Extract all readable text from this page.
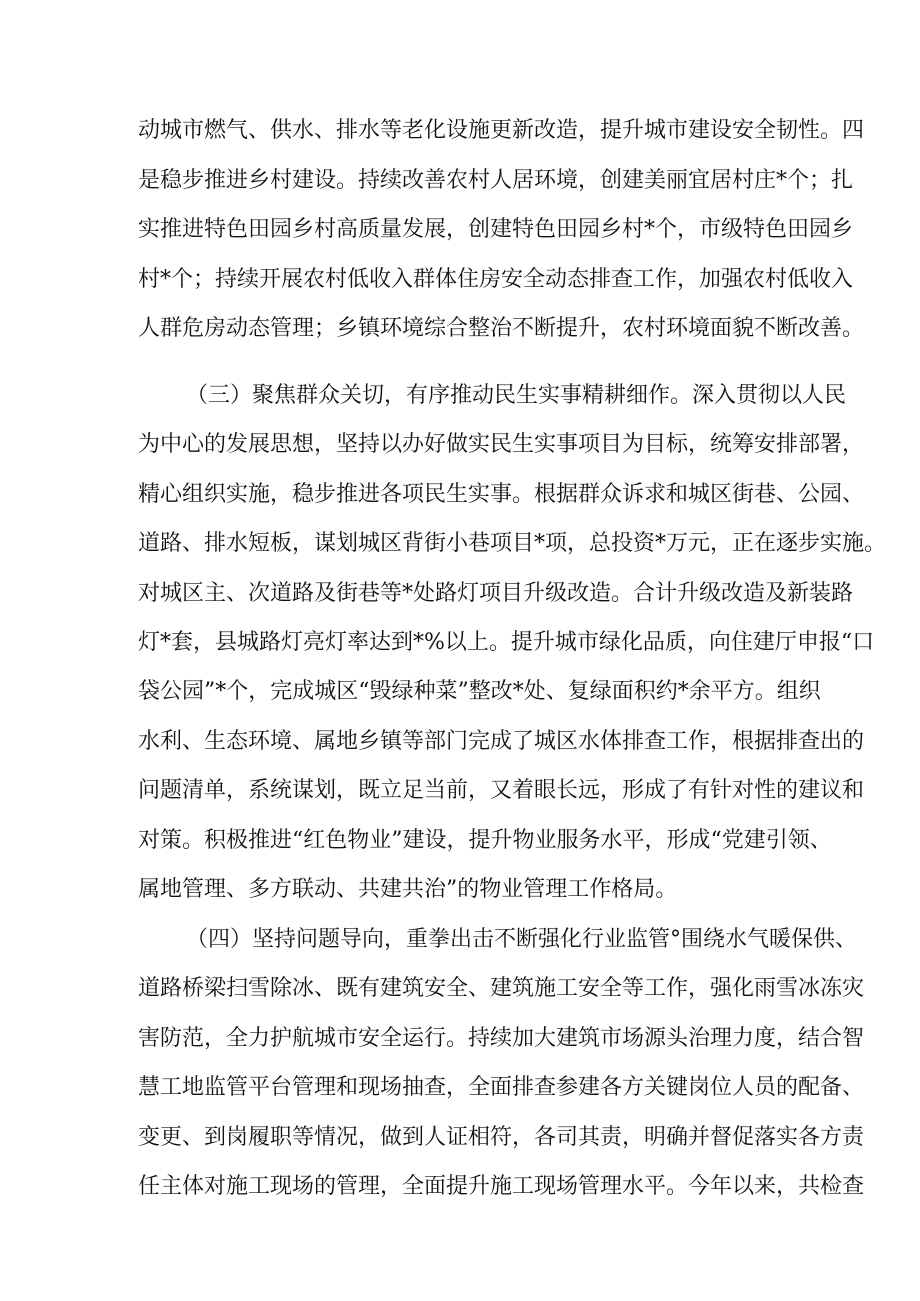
动城市燃气、供水、排水等老化设施更新改造，提升城市建设安全韧性。四
是稳步推进乡村建设。持续改善农村人居环境，创建美丽宜居村庄*个；扎
实推进特色田园乡村高质量发展，创建特色田园乡村*个，市级特色田园乡
村*个；持续开展农村低收入群体住房安全动态排查工作，加强农村低收入
人群危房动态管理；乡镇环境综合整治不断提升，农村环境面貌不断改善。
（三）聚焦群众关切，有序推动民生实事精耕细作。深入贯彻以人民
为中心的发展思想，坚持以办好做实民生实事项目为目标，统筹安排部署，
精心组织实施，稳步推进各项民生实事。根据群众诉求和城区街巷、公园、
道路、排水短板，谋划城区背街小巷项目*项，总投资*万元，正在逐步实施。
对城区主、次道路及街巷等*处路灯项目升级改造。合计升级改造及新装路
灯*套，县城路灯亮灯率达到*%以上。提升城市绿化品质，向住建厅申报“口
袋公园”*个，完成城区“毁绿种菜”整改*处、复绿面积约*余平方。组织
水利、生态环境、属地乡镇等部门完成了城区水体排查工作，根据排查出的
问题清单，系统谋划，既立足当前，又着眼长远，形成了有针对性的建议和
对策。积极推进“红色物业”建设，提升物业服务水平，形成“党建引领、
属地管理、多方联动、共建共治”的物业管理工作格局。
（四）坚持问题导向，重拳出击不断强化行业监管°围绕水气暖保供、
道路桥梁扫雪除冰、既有建筑安全、建筑施工安全等工作，强化雨雪冰冻灾
害防范，全力护航城市安全运行。持续加大建筑市场源头治理力度，结合智
慧工地监管平台管理和现场抽查，全面排查参建各方关键岗位人员的配备、
变更、到岗履职等情况，做到人证相符，各司其责，明确并督促落实各方责
任主体对施工现场的管理，全面提升施工现场管理水平。今年以来，共检查
